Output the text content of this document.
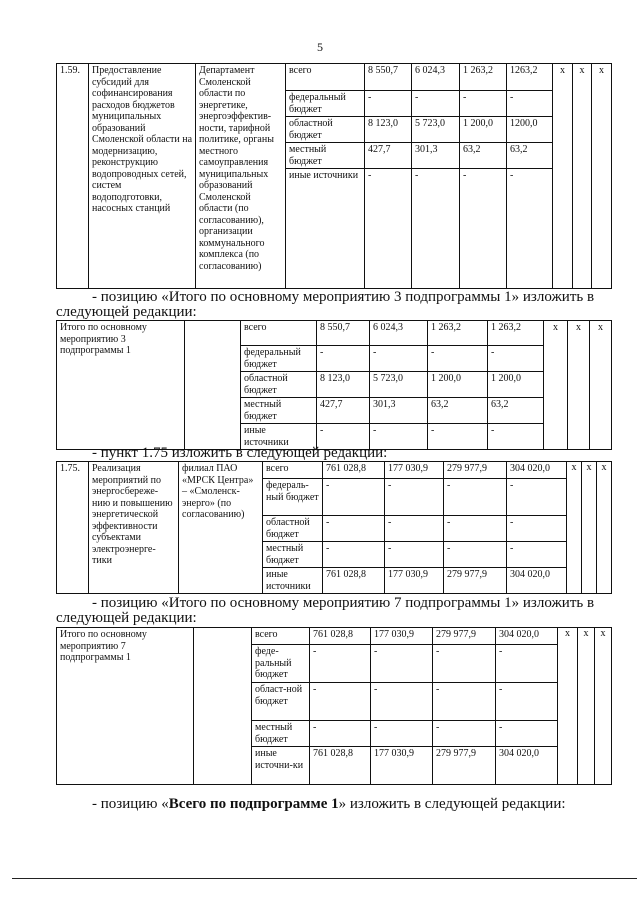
5
1.59.	Предоставление субсидий для софинансирования расходов бюджетов муниципальных образований Смоленской области на модернизацию, реконструкцию водопроводных сетей, систем водоподготовки, насосных станций	Департамент Смоленской области по энергетике, энергоэффектив-ности, тарифной политике, органы местного самоуправления муниципальных образований Смоленской области (по согласованию), организации коммунального комплекса (по согласованию)	всего	8 550,7	6 024,3	1 263,2	1263,2	x	x	x
			федеральный бюджет	-	-	-	-			
			областной бюджет	8 123,0	5 723,0	1 200,0	1200,0			
			местный бюджет	427,7	301,3	63,2	63,2			
			иные источники	-	-	-	-			
- позицию «Итого по основному мероприятию 3 подпрограммы 1» изложить в
следующей редакции:
Итого по основному мероприятию 3 подпрограммы 1		всего	8 550,7	6 024,3	1 263,2	1 263,2	x	x	x
		федеральный бюджет	-	-	-	-			
		областной бюджет	8 123,0	5 723,0	1 200,0	1 200,0			
		местный бюджет	427,7	301,3	63,2	63,2			
		иные источники	-	-	-	-			
- пункт 1.75 изложить в следующей редакции:
1.75.	Реализация мероприятий по энергосбереже-нию и повышению энергетической эффективности субъектами электроэнерге-тики	филиал ПАО «МРСК Центра» – «Смоленск-энерго» (по согласованию)	всего	761 028,8	177 030,9	279 977,9	304 020,0	x	x	x
			федераль-ный бюджет	-	-	-	-			
			областной бюджет	-	-	-	-			
			местный бюджет	-	-	-	-			
			иные источники	761 028,8	177 030,9	279 977,9	304 020,0			
- позицию «Итого по основному мероприятию 7 подпрограммы 1» изложить в
следующей редакции:
Итого по основному мероприятию 7 подпрограммы 1		всего	761 028,8	177 030,9	279 977,9	304 020,0	x	x	x
		феде-ральный бюджет	-	-	-	-			
		област-ной бюджет	-	-	-	-			
		местный бюджет	-	-	-	-			
		иные источни-ки	761 028,8	177 030,9	279 977,9	304 020,0			
- позицию «Всего по подпрограмме 1» изложить в следующей редакции:
